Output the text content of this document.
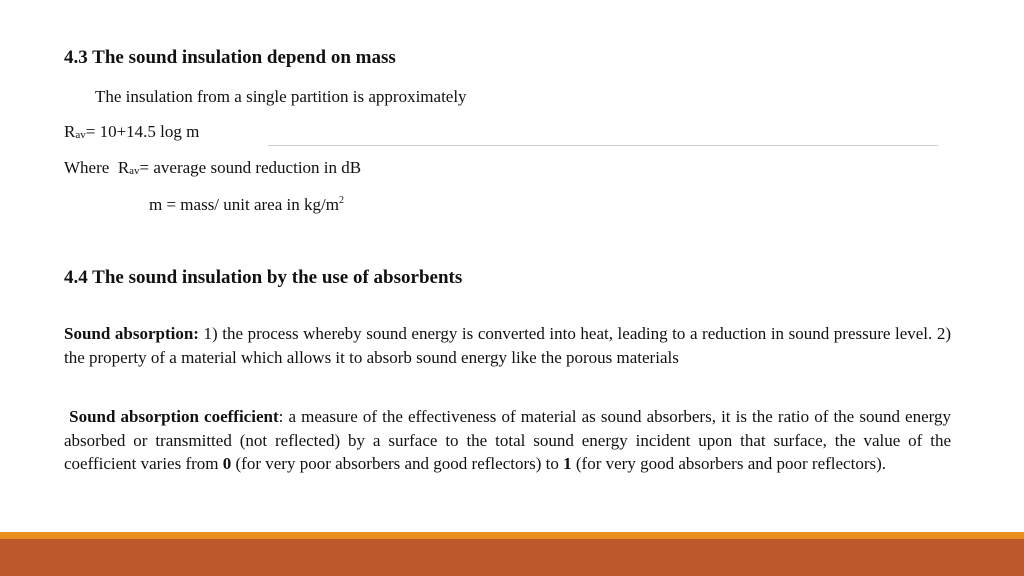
4.3 The sound insulation depend on mass

The insulation from a single partition is approximately

$R_{av}= 10+14.5$ log m

Where $R_{av}=$ average sound reduction in dB

m = mass/ unit area in $kg/m^2$

4.4 The sound insulation by the use of absorbents

Sound absorption: 1) the process whereby sound energy is converted into heat, leading to a reduction in sound pressure level. 2) the property of a material which allows it to absorb sound energy like the porous materials

Sound absorption coefficient: a measure of the effectiveness of material as sound absorbers, it is the ratio of the sound energy absorbed or transmitted (not reflected) by a surface to the total sound energy incident upon that surface, the value of the coefficient varies from 0 (for very poor absorbers and good reflectors) to 1 (for very good absorbers and poor reflectors).
